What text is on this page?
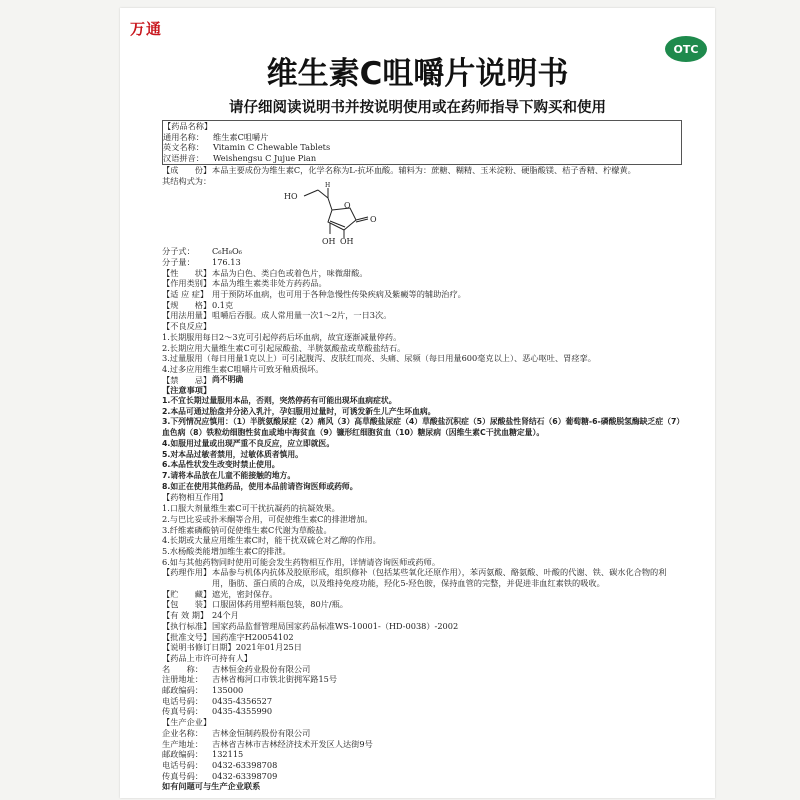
万通
OTC
维生素C咀嚼片说明书
请仔细阅读说明书并按说明使用或在药师指导下购买和使用
【药品名称】
通用名称：	维生素C咀嚼片
英文名称：	Vitamin C Chewable Tablets
汉语拼音：	Weishengsu C Jujue Pian
【成　　份】 本品主要成份为维生素C，化学名称为L-抗坏血酸。辅料为：蔗糖、糊精、玉米淀粉、硬脂酸镁、桔子香精、柠檬黄。
其结构式为：
HO
H
O
O
OH OH
分子式：	C₆H₈O₆
分子量：	176.13
【性　　状】 本品为白色、类白色或着色片，味微甜酸。
【作用类别】 本品为维生素类非处方药药品。
【适 应 症】 用于预防坏血病，也可用于各种急慢性传染疾病及紫癜等的辅助治疗。
【规　　格】 0.1克
【用法用量】 咀嚼后吞服。成人常用量一次1～2片，一日3次。
【不良反应】
1.长期服用每日2～3克可引起停药后坏血病，故宜逐渐减量停药。
2.长期应用大量维生素C可引起尿酸盐、半胱氨酸盐或草酸盐结石。
3.过量服用（每日用量1克以上）可引起腹泻、皮肤红而亮、头痛、尿频（每日用量600毫克以上）、恶心呕吐、胃痉挛。
4.过多应用维生素C咀嚼片可致牙釉质损坏。
【禁　　忌】 尚不明确
【注意事项】
1.不宜长期过量服用本品，否则，突然停药有可能出现坏血病症状。
2.本品可通过胎盘并分泌入乳汁，孕妇服用过量时，可诱发新生儿产生坏血病。
3.下列情况应慎用：（1）半胱氨酸尿症（2）痛风（3）高草酸盐尿症（4）草酸盐沉积症（5）尿酸盐性肾结石（6）葡萄糖-6-磷酸脱氢酶缺乏症（7）血色病（8）铁粒幼细胞性贫血或地中海贫血（9）镰形红细胞贫血（10）糖尿病（因维生素C干扰血糖定量）。
4.如服用过量或出现严重不良反应，应立即就医。
5.对本品过敏者禁用，过敏体质者慎用。
6.本品性状发生改变时禁止使用。
7.请将本品放在儿童不能接触的地方。
8.如正在使用其他药品，使用本品前请咨询医师或药师。
【药物相互作用】
1.口服大剂量维生素C可干扰抗凝药的抗凝效果。
2.与巴比妥或扑米酮等合用，可促使维生素C的排泄增加。
3.纤维素磷酸钠可促使维生素C代谢为草酸盐。
4.长期或大量应用维生素C时，能干扰双硫仑对乙醇的作用。
5.水杨酸类能增加维生素C的排泄。
6.如与其他药物同时使用可能会发生药物相互作用，详情请咨询医师或药师。
【药理作用】 本品参与机体内抗体及胶原形成，组织修补（包括某些氧化还原作用），苯丙氨酸、酪氨酸、叶酸的代谢、铁、碳水化合物的利用，脂肪、蛋白质的合成，以及维持免疫功能，羟化5-羟色胺，保持血管的完整，并促进非血红素铁的吸收。
【贮　　藏】 遮光，密封保存。
【包　　装】 口服固体药用塑料瓶包装，80片/瓶。
【有 效 期】 24个月
【执行标准】 国家药品监督管理局国家药品标准WS-10001-（HD-0038）-2002
【批准文号】 国药准字H20054102
【说明书修订日期】 2021年01月25日
【药品上市许可持有人】
名　　称：	吉林恒金药业股份有限公司
注册地址：	吉林省梅河口市铁北街拥军路15号
邮政编码：	135000
电话号码：	0435-4356527
传真号码：	0435-4355990
【生产企业】
企业名称：	吉林金恒制药股份有限公司
生产地址：	吉林省吉林市吉林经济技术开发区人达街9号
邮政编码：	132115
电话号码：	0432-63398708
传真号码：	0432-63398709
如有问题可与生产企业联系
